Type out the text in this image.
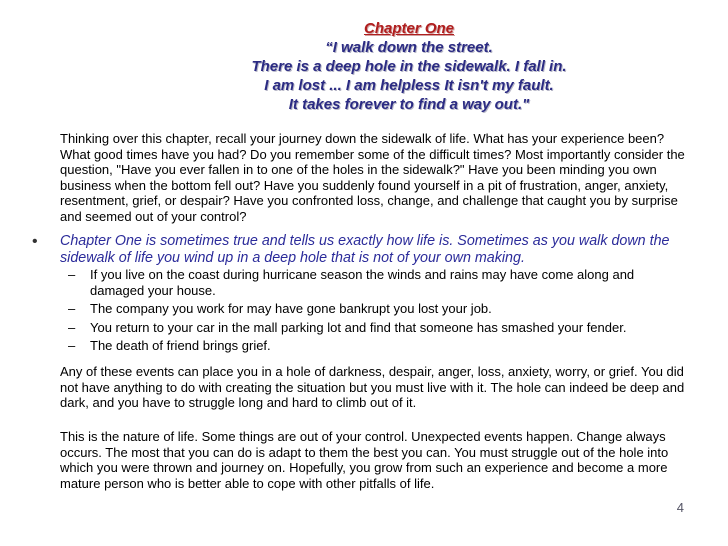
Chapter One
“I walk down the street.
There is a deep hole in the sidewalk. I fall in.
I am lost ... I am helpless It isn't my fault.
It takes forever to find a way out."

Thinking over this chapter, recall your journey down the sidewalk of life. What has your experience been? What good times have you had? Do you remember some of the difficult times? Most importantly consider the question, "Have you ever fallen in to one of the holes in the sidewalk?" Have you been minding you own business when the bottom fell out? Have you suddenly found yourself in a pit of frustration, anger, anxiety, resentment, grief, or despair? Have you confronted loss, change, and challenge that caught you by surprise and seemed out of your control?

• Chapter One is sometimes true and tells us exactly how life is. Sometimes as you walk down the sidewalk of life you wind up in a deep hole that is not of your own making.
– If you live on the coast during hurricane season the winds and rains may have come along and damaged your house.
– The company you work for may have gone bankrupt you lost your job.
– You return to your car in the mall parking lot and find that someone has smashed your fender.
– The death of friend brings grief.

Any of these events can place you in a hole of darkness, despair, anger, loss, anxiety, worry, or grief. You did not have anything to do with creating the situation but you must live with it. The hole can indeed be deep and dark, and you have to struggle long and hard to climb out of it.

This is the nature of life. Some things are out of your control. Unexpected events happen. Change always occurs. The most that you can do is adapt to them the best you can. You must struggle out of the hole into which you were thrown and journey on. Hopefully, you grow from such an experience and become a more mature person who is better able to cope with other pitfalls of life.

4
